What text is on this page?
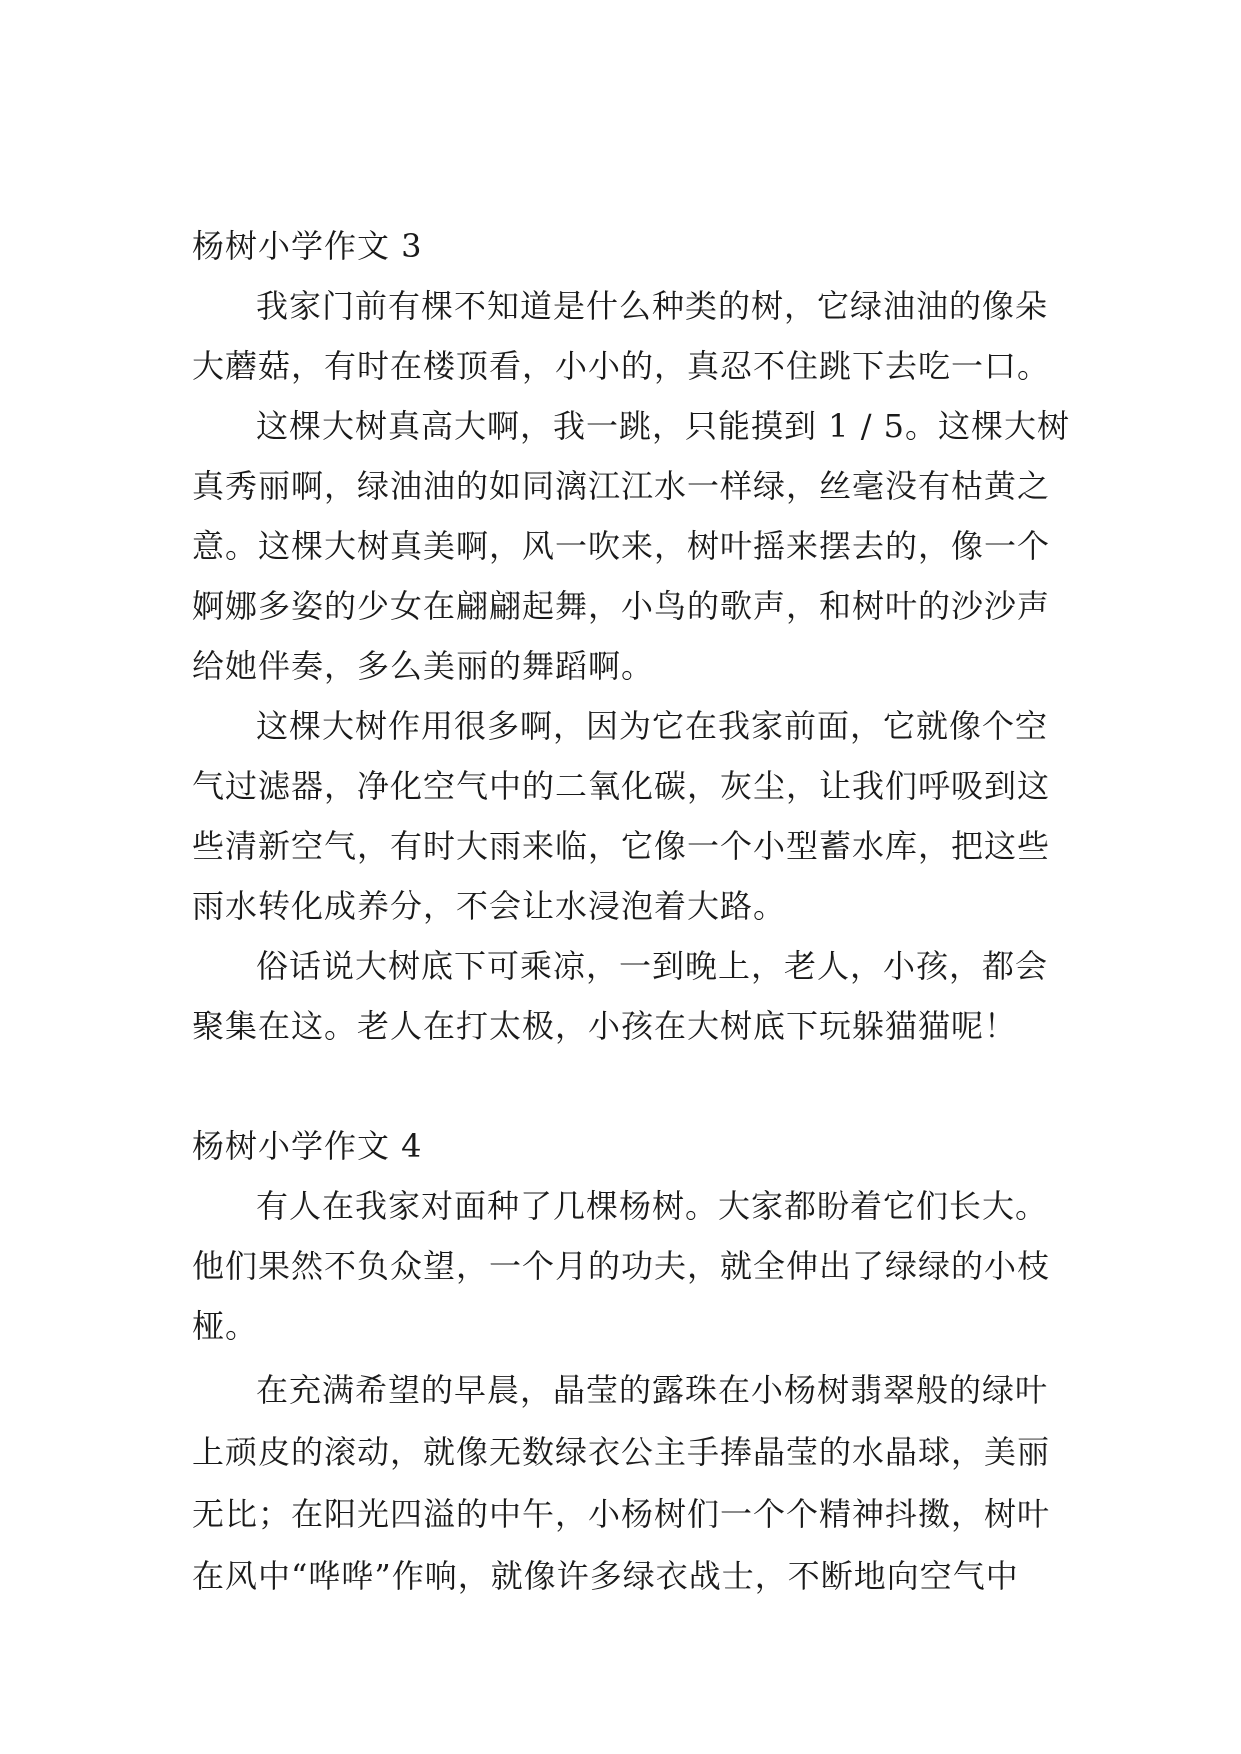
杨树小学作文 3
我家门前有棵不知道是什么种类的树，它绿油油的像朵
大蘑菇，有时在楼顶看，小小的，真忍不住跳下去吃一口。
这棵大树真高大啊，我一跳，只能摸到 1 / 5。这棵大树
真秀丽啊，绿油油的如同漓江江水一样绿，丝毫没有枯黄之
意。这棵大树真美啊，风一吹来，树叶摇来摆去的，像一个
婀娜多姿的少女在翩翩起舞，小鸟的歌声，和树叶的沙沙声
给她伴奏，多么美丽的舞蹈啊。
这棵大树作用很多啊，因为它在我家前面，它就像个空
气过滤器，净化空气中的二氧化碳，灰尘，让我们呼吸到这
些清新空气，有时大雨来临，它像一个小型蓄水库，把这些
雨水转化成养分，不会让水浸泡着大路。
俗话说大树底下可乘凉，一到晚上，老人，小孩，都会
聚集在这。老人在打太极，小孩在大树底下玩躲猫猫呢！
杨树小学作文 4
有人在我家对面种了几棵杨树。大家都盼着它们长大。
他们果然不负众望，一个月的功夫，就全伸出了绿绿的小枝
桠。
在充满希望的早晨，晶莹的露珠在小杨树翡翠般的绿叶
上顽皮的滚动，就像无数绿衣公主手捧晶莹的水晶球，美丽
无比；在阳光四溢的中午，小杨树们一个个精神抖擞，树叶
在风中“哗哗”作响，就像许多绿衣战士，不断地向空气中
